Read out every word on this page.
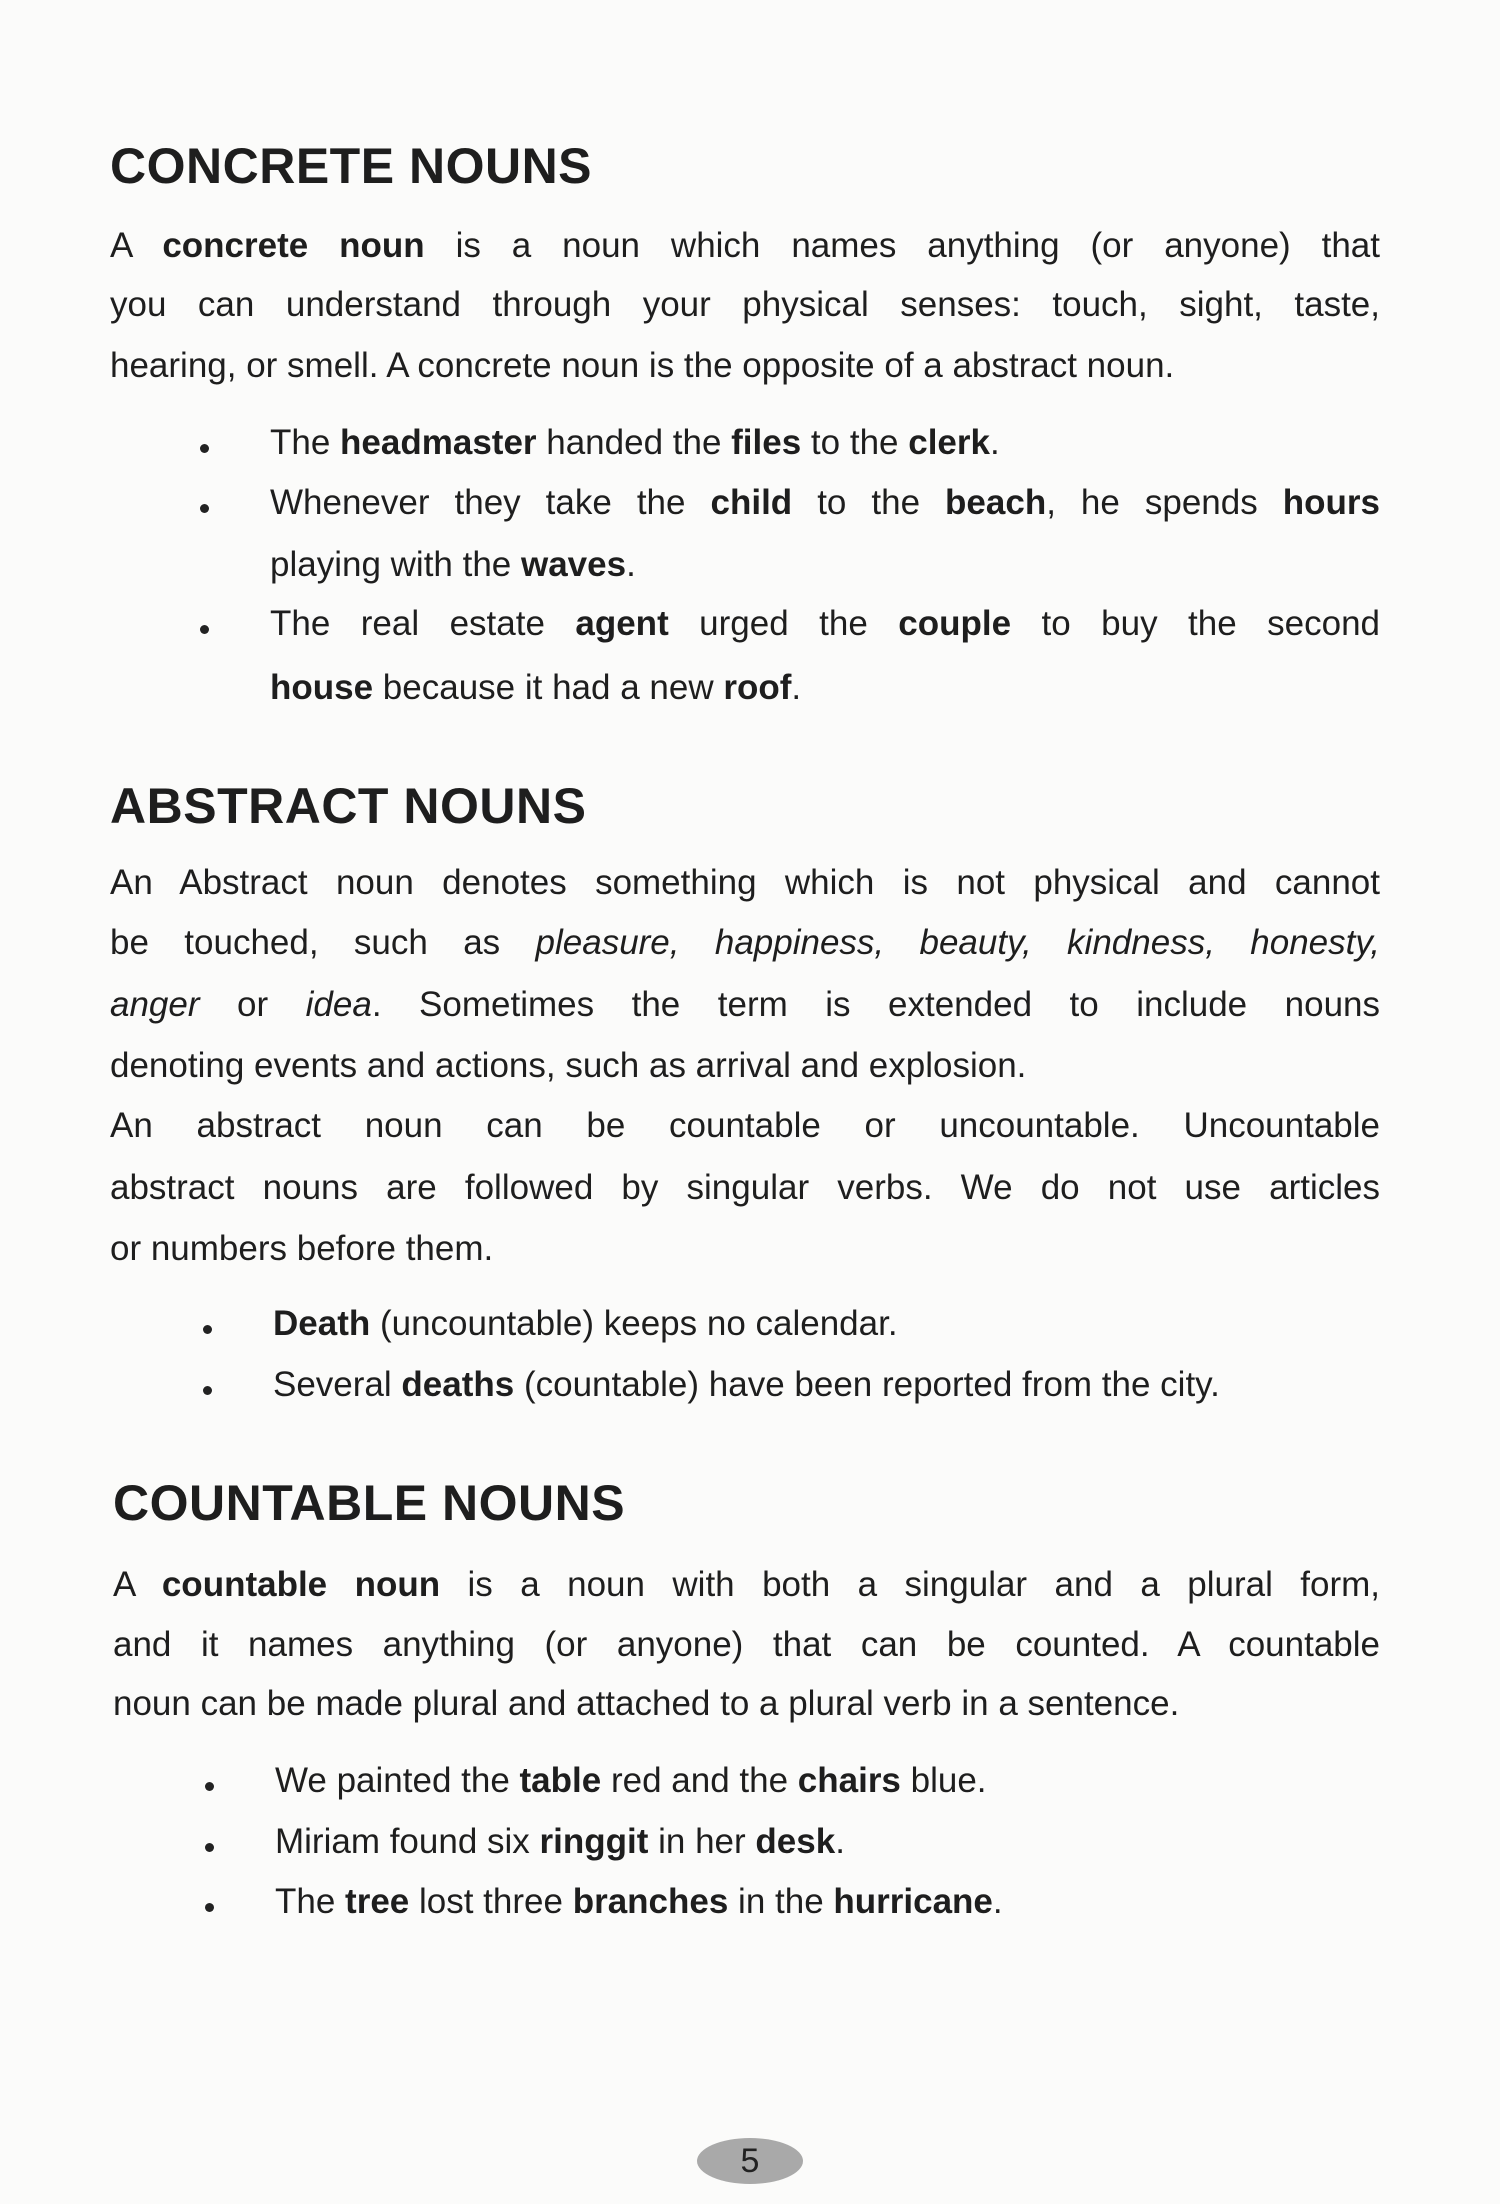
CONCRETE NOUNS
A concrete noun is a noun which names anything (or anyone) that
you can understand through your physical senses: touch, sight, taste,
hearing, or smell. A concrete noun is the opposite of a abstract noun.
The headmaster handed the files to the clerk.
Whenever they take the child to the beach, he spends hours
playing with the waves.
The real estate agent urged the couple to buy the second
house because it had a new roof.
ABSTRACT NOUNS
An Abstract noun denotes something which is not physical and cannot
be touched, such as pleasure, happiness, beauty, kindness, honesty,
anger or idea. Sometimes the term is extended to include nouns
denoting events and actions, such as arrival and explosion.
An abstract noun can be countable or uncountable. Uncountable
abstract nouns are followed by singular verbs. We do not use articles
or numbers before them.
Death (uncountable) keeps no calendar.
Several deaths (countable) have been reported from the city.
COUNTABLE NOUNS
A countable noun is a noun with both a singular and a plural form,
and it names anything (or anyone) that can be counted. A countable
noun can be made plural and attached to a plural verb in a sentence.
We painted the table red and the chairs blue.
Miriam found six ringgit in her desk.
The tree lost three branches in the hurricane.
5
